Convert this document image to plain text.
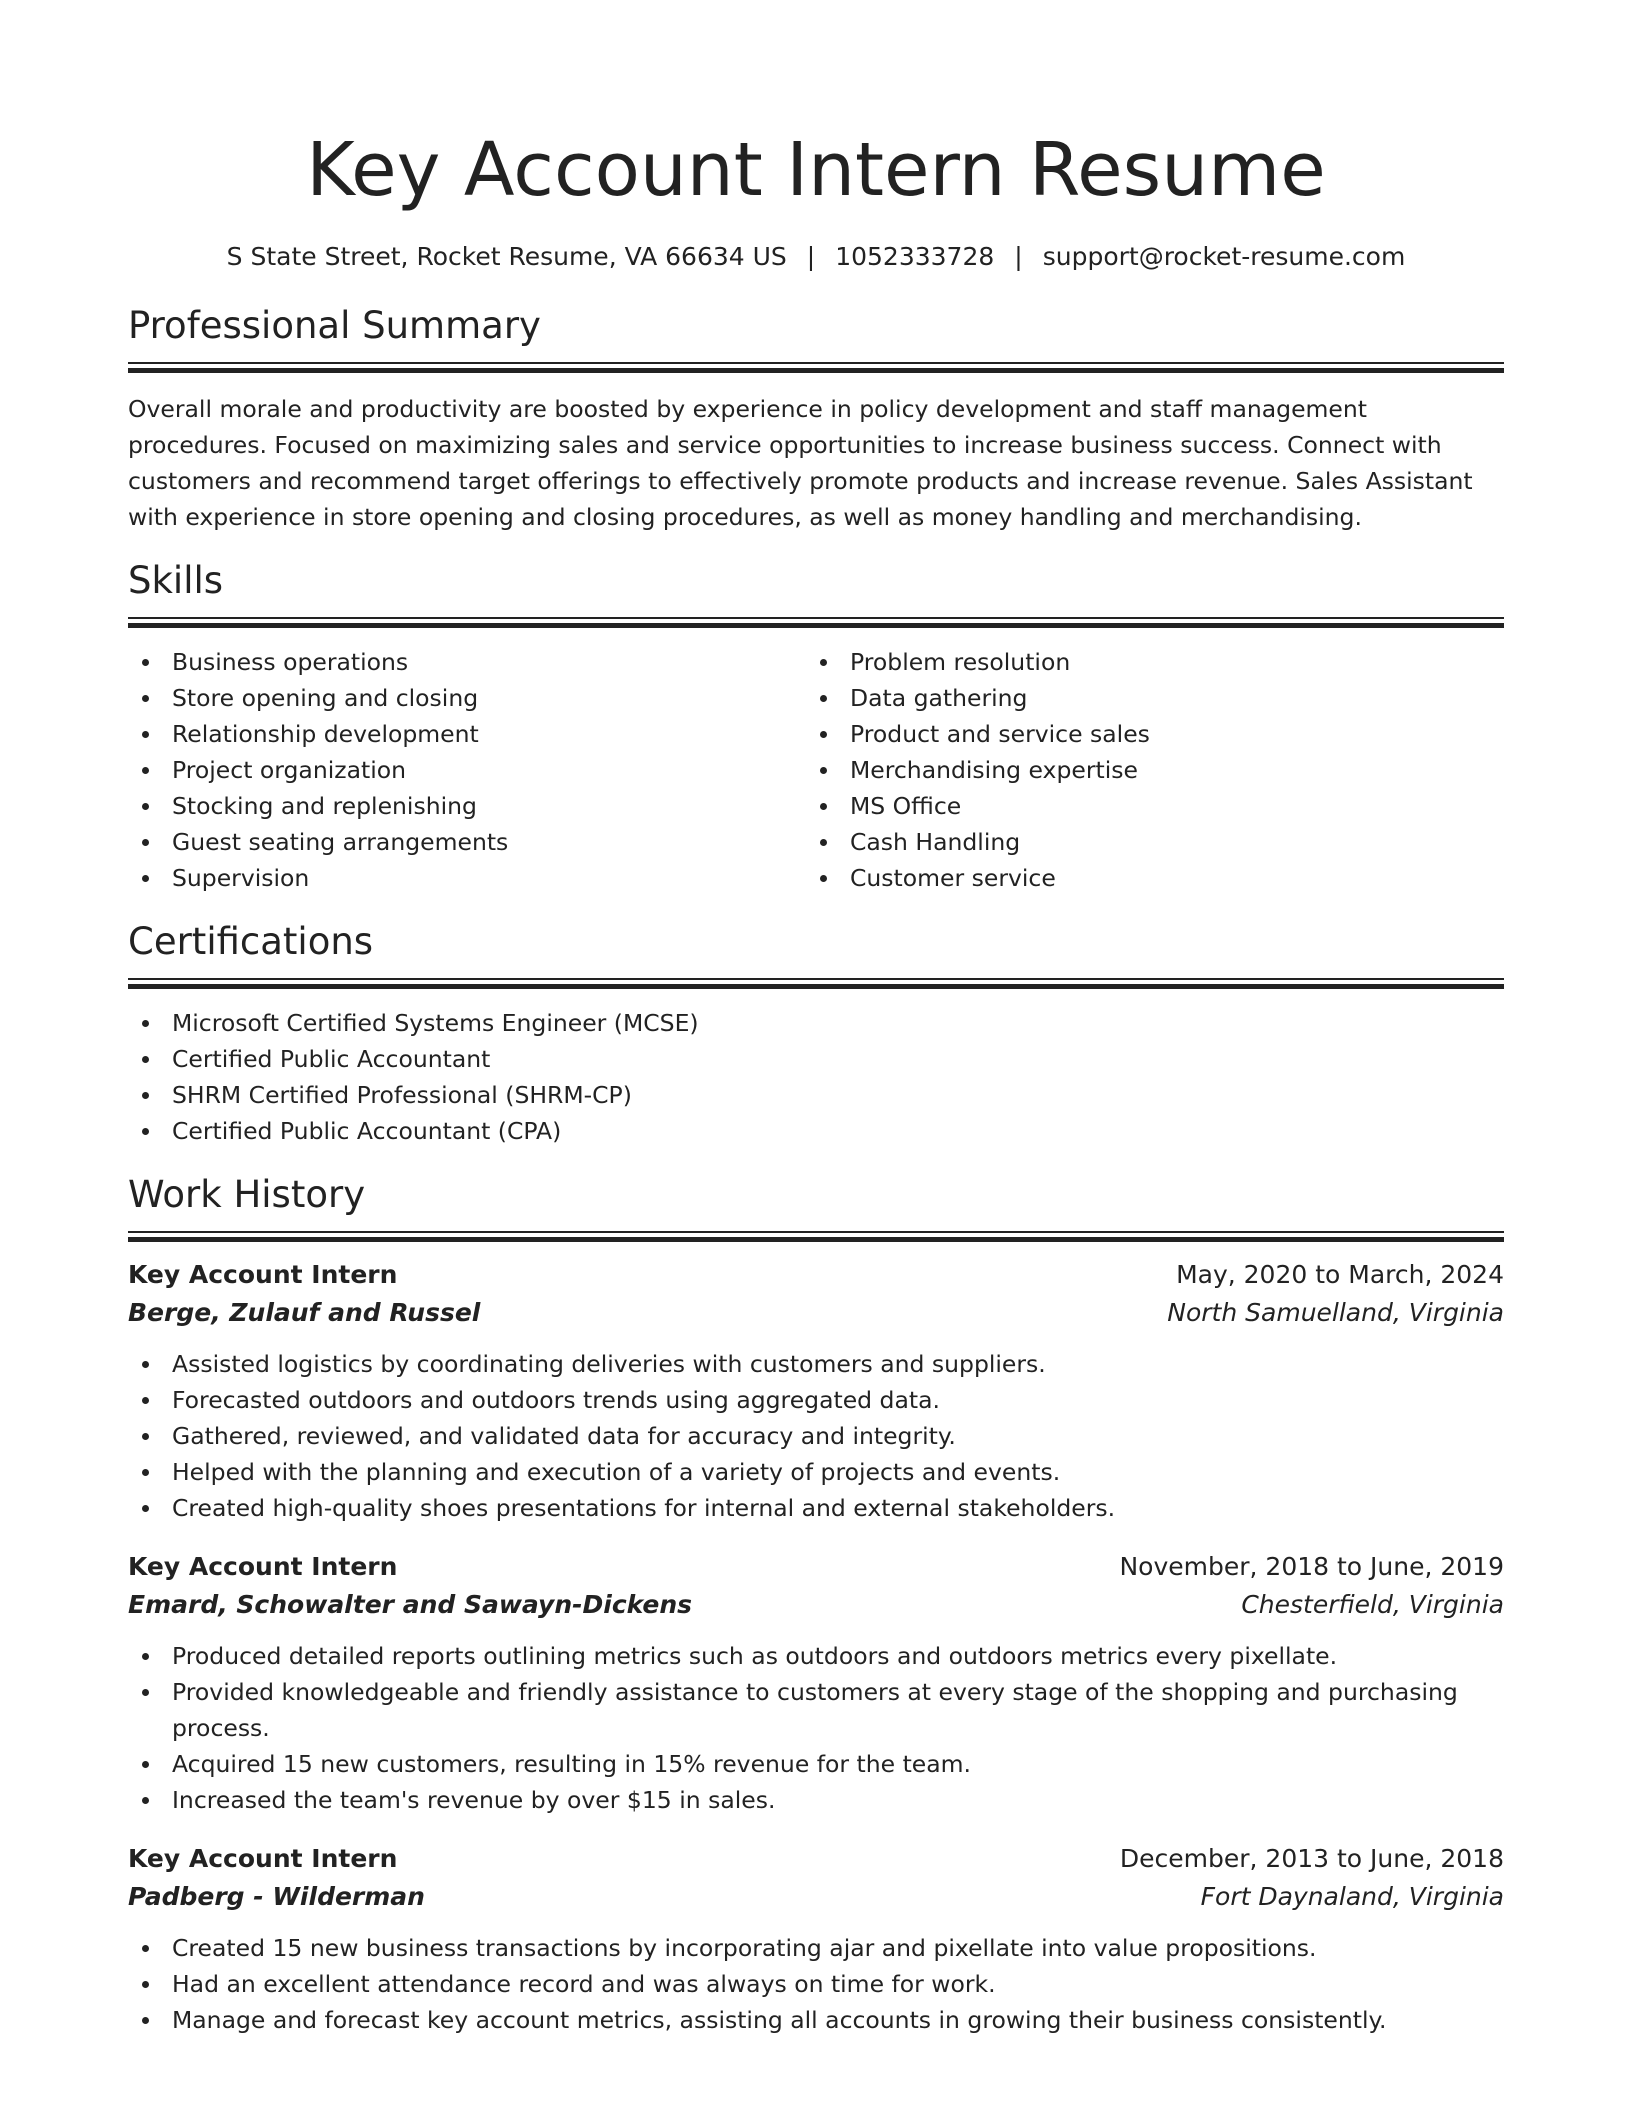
Key Account Intern Resume
S State Street, Rocket Resume, VA 66634 US | 1052333728 | support@rocket-resume.com
Professional Summary
Overall morale and productivity are boosted by experience in policy development and staff management procedures. Focused on maximizing sales and service opportunities to increase business success. Connect with customers and recommend target offerings to effectively promote products and increase revenue. Sales Assistant with experience in store opening and closing procedures, as well as money handling and merchandising.
Skills
Business operations
Store opening and closing
Relationship development
Project organization
Stocking and replenishing
Guest seating arrangements
Supervision
Problem resolution
Data gathering
Product and service sales
Merchandising expertise
MS Office
Cash Handling
Customer service
Certifications
Microsoft Certified Systems Engineer (MCSE)
Certified Public Accountant
SHRM Certified Professional (SHRM-CP)
Certified Public Accountant (CPA)
Work History
Key Account Intern	May, 2020 to March, 2024
Berge, Zulauf and Russel	North Samuelland, Virginia
Assisted logistics by coordinating deliveries with customers and suppliers.
Forecasted outdoors and outdoors trends using aggregated data.
Gathered, reviewed, and validated data for accuracy and integrity.
Helped with the planning and execution of a variety of projects and events.
Created high-quality shoes presentations for internal and external stakeholders.
Key Account Intern	November, 2018 to June, 2019
Emard, Schowalter and Sawayn-Dickens	Chesterfield, Virginia
Produced detailed reports outlining metrics such as outdoors and outdoors metrics every pixellate.
Provided knowledgeable and friendly assistance to customers at every stage of the shopping and purchasing process.
Acquired 15 new customers, resulting in 15% revenue for the team.
Increased the team's revenue by over $15 in sales.
Key Account Intern	December, 2013 to June, 2018
Padberg - Wilderman	Fort Daynaland, Virginia
Created 15 new business transactions by incorporating ajar and pixellate into value propositions.
Had an excellent attendance record and was always on time for work.
Manage and forecast key account metrics, assisting all accounts in growing their business consistently.
